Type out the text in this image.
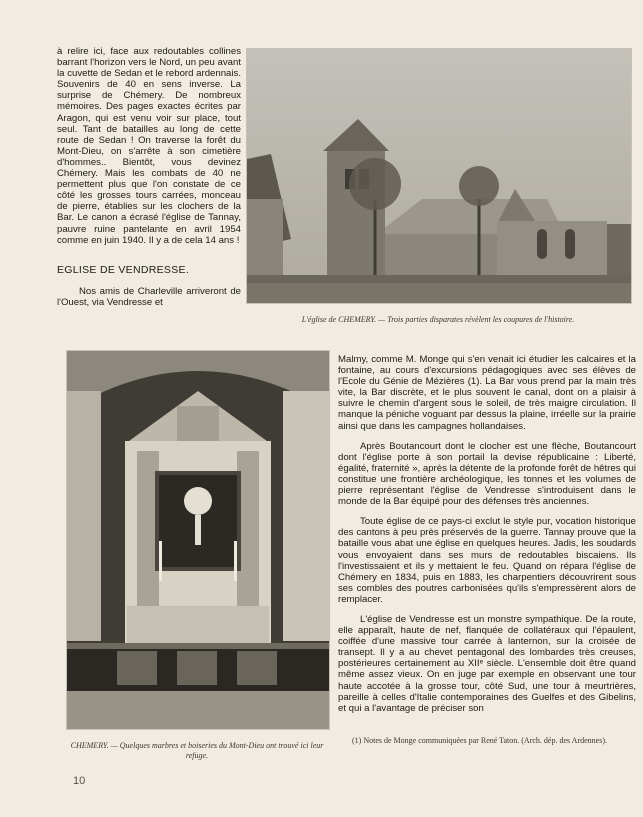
à relire ici, face aux redoutables collines barrant l'horizon vers le Nord, un peu avant la cuvette de Sedan et le rebord ardennais. Souvenirs de 40 en sens inverse. La surprise de Chémery. De nombreux mémoires. Des pages exactes écrites par Aragon, qui est venu voir sur place, tout seul. Tant de batailles au long de cette route de Sedan ! On traverse la forêt du Mont-Dieu, on s'arrête à son cimetière d'hommes.. Bientôt, vous devinez Chémery. Mais les combats de 40 ne permettent plus que l'on constate de ce côté les grosses tours carrées, monceau de pierre, établies sur les clochers de la Bar. Le canon a écrasé l'église de Tannay, pauvre ruine pantelante en avril 1954 comme en juin 1940. Il y a de cela 14 ans !

EGLISE DE VENDRESSE.

Nos amis de Charleville arriveront de l'Ouest, via Vendresse et

L'église de CHEMERY. — Trois parties disparates révèlent les coupures de l'histoire.

CHEMERY. — Quelques marbres et boiseries du Mont-Dieu ont trouvé ici leur refuge.

Malmy, comme M. Monge qui s'en venait ici étudier les calcaires et la fontaine, au cours d'excursions pédagogiques avec ses élèves de l'Ecole du Génie de Mézières (1). La Bar vous prend par la main très vite, la Bar discrète, et le plus souvent le canal, dont on a plaisir à suivre le chemin d'argent sous le soleil, de très maigre circulation. Il manque la péniche voguant par dessus la plaine, irréelle sur la prairie ainsi que dans les campagnes hollandaises.

Après Boutancourt dont le clocher est une flèche, Boutancourt dont l'église porte à son portail la devise républicaine : Liberté, égalité, fraternité », après la détente de la profonde forêt de hêtres qui constitue une frontière archéologique, les tonnes et les volumes de pierre représentant l'église de Vendresse s'introduisent dans le monde de la Bar équipé pour des défenses très anciennes.

Toute église de ce pays-ci exclut le style pur, vocation historique des cantons à peu près préservés de la guerre. Tannay prouve que la bataille vous abat une église en quelques heures. Jadis, les soudards vous envoyaient dans ses murs de redoutables biscaiens. Ils l'investissaient et ils y mettaient le feu. Quand on répara l'église de Chémery en 1834, puis en 1883, les charpentiers découvrirent sous ses combles des poutres carbonisées qu'ils s'empressèrent alors de remplacer.

L'église de Vendresse est un monstre sympathique. De la route, elle apparaît, haute de nef, flanquée de collatéraux qui l'épaulent, coiffée d'une massive tour carrée à lanternon, sur la croisée de transept. Il y a au chevet pentagonal des lombardes très creuses, postérieures certainement au XIIᵉ siècle. L'ensemble doit être quand même assez vieux. On en juge par exemple en observant une tour haute accotée à la grosse tour, côté Sud, une tour à meurtrières, pareille à celles d'Italie contemporaines des Guelfes et des Gibelins, et qui a l'avantage de préciser son

(1) Notes de Monge communiquées par René Taton. (Arch. dép. des Ardennes).

10
